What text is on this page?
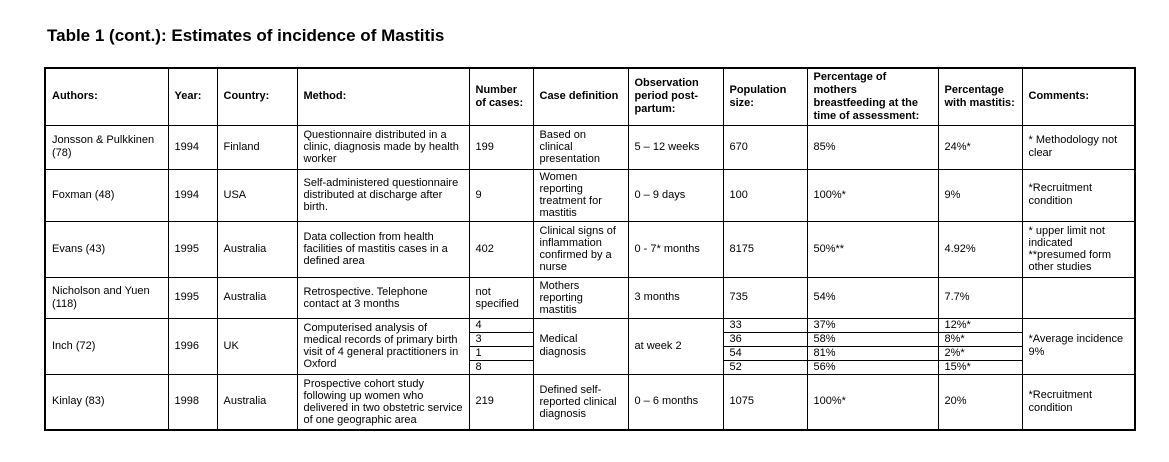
Table 1 (cont.): Estimates of incidence of Mastitis
Authors:	Year:	Country:	Method:	Number of cases:	Case definition	Observation period post-partum:	Population size:	Percentage of mothers breastfeeding at the time of assessment:	Percentage with mastitis:	Comments:
Jonsson & Pulkkinen (78)	1994	Finland	Questionnaire distributed in a clinic, diagnosis made by health worker	199	Based on clinical presentation	5 – 12 weeks	670	85%	24%*	* Methodology not clear
Foxman (48)	1994	USA	Self-administered questionnaire distributed at discharge after birth.	9	Women reporting treatment for mastitis	0 – 9 days	100	100%*	9%	*Recruitment condition
Evans (43)	1995	Australia	Data collection from health facilities of mastitis cases in a defined area	402	Clinical signs of inflammation confirmed by a nurse	0 - 7* months	8175	50%**	4.92%	* upper limit not indicated **presumed form other studies
Nicholson and Yuen (118)	1995	Australia	Retrospective. Telephone contact at 3 months	not specified	Mothers reporting mastitis	3 months	735	54%	7.7%	
Inch (72)	1996	UK	Computerised analysis of medical records of primary birth visit of 4 general practitioners in Oxford	4	Medical diagnosis	at week 2	33	37%	12%*	*Average incidence 9%
				3			36	58%	8%*	
				1			54	81%	2%*	
				8			52	56%	15%*	
Kinlay (83)	1998	Australia	Prospective cohort study following up women who delivered in two obstetric service of one geographic area	219	Defined self-reported clinical diagnosis	0 – 6 months	1075	100%*	20%	*Recruitment condition
